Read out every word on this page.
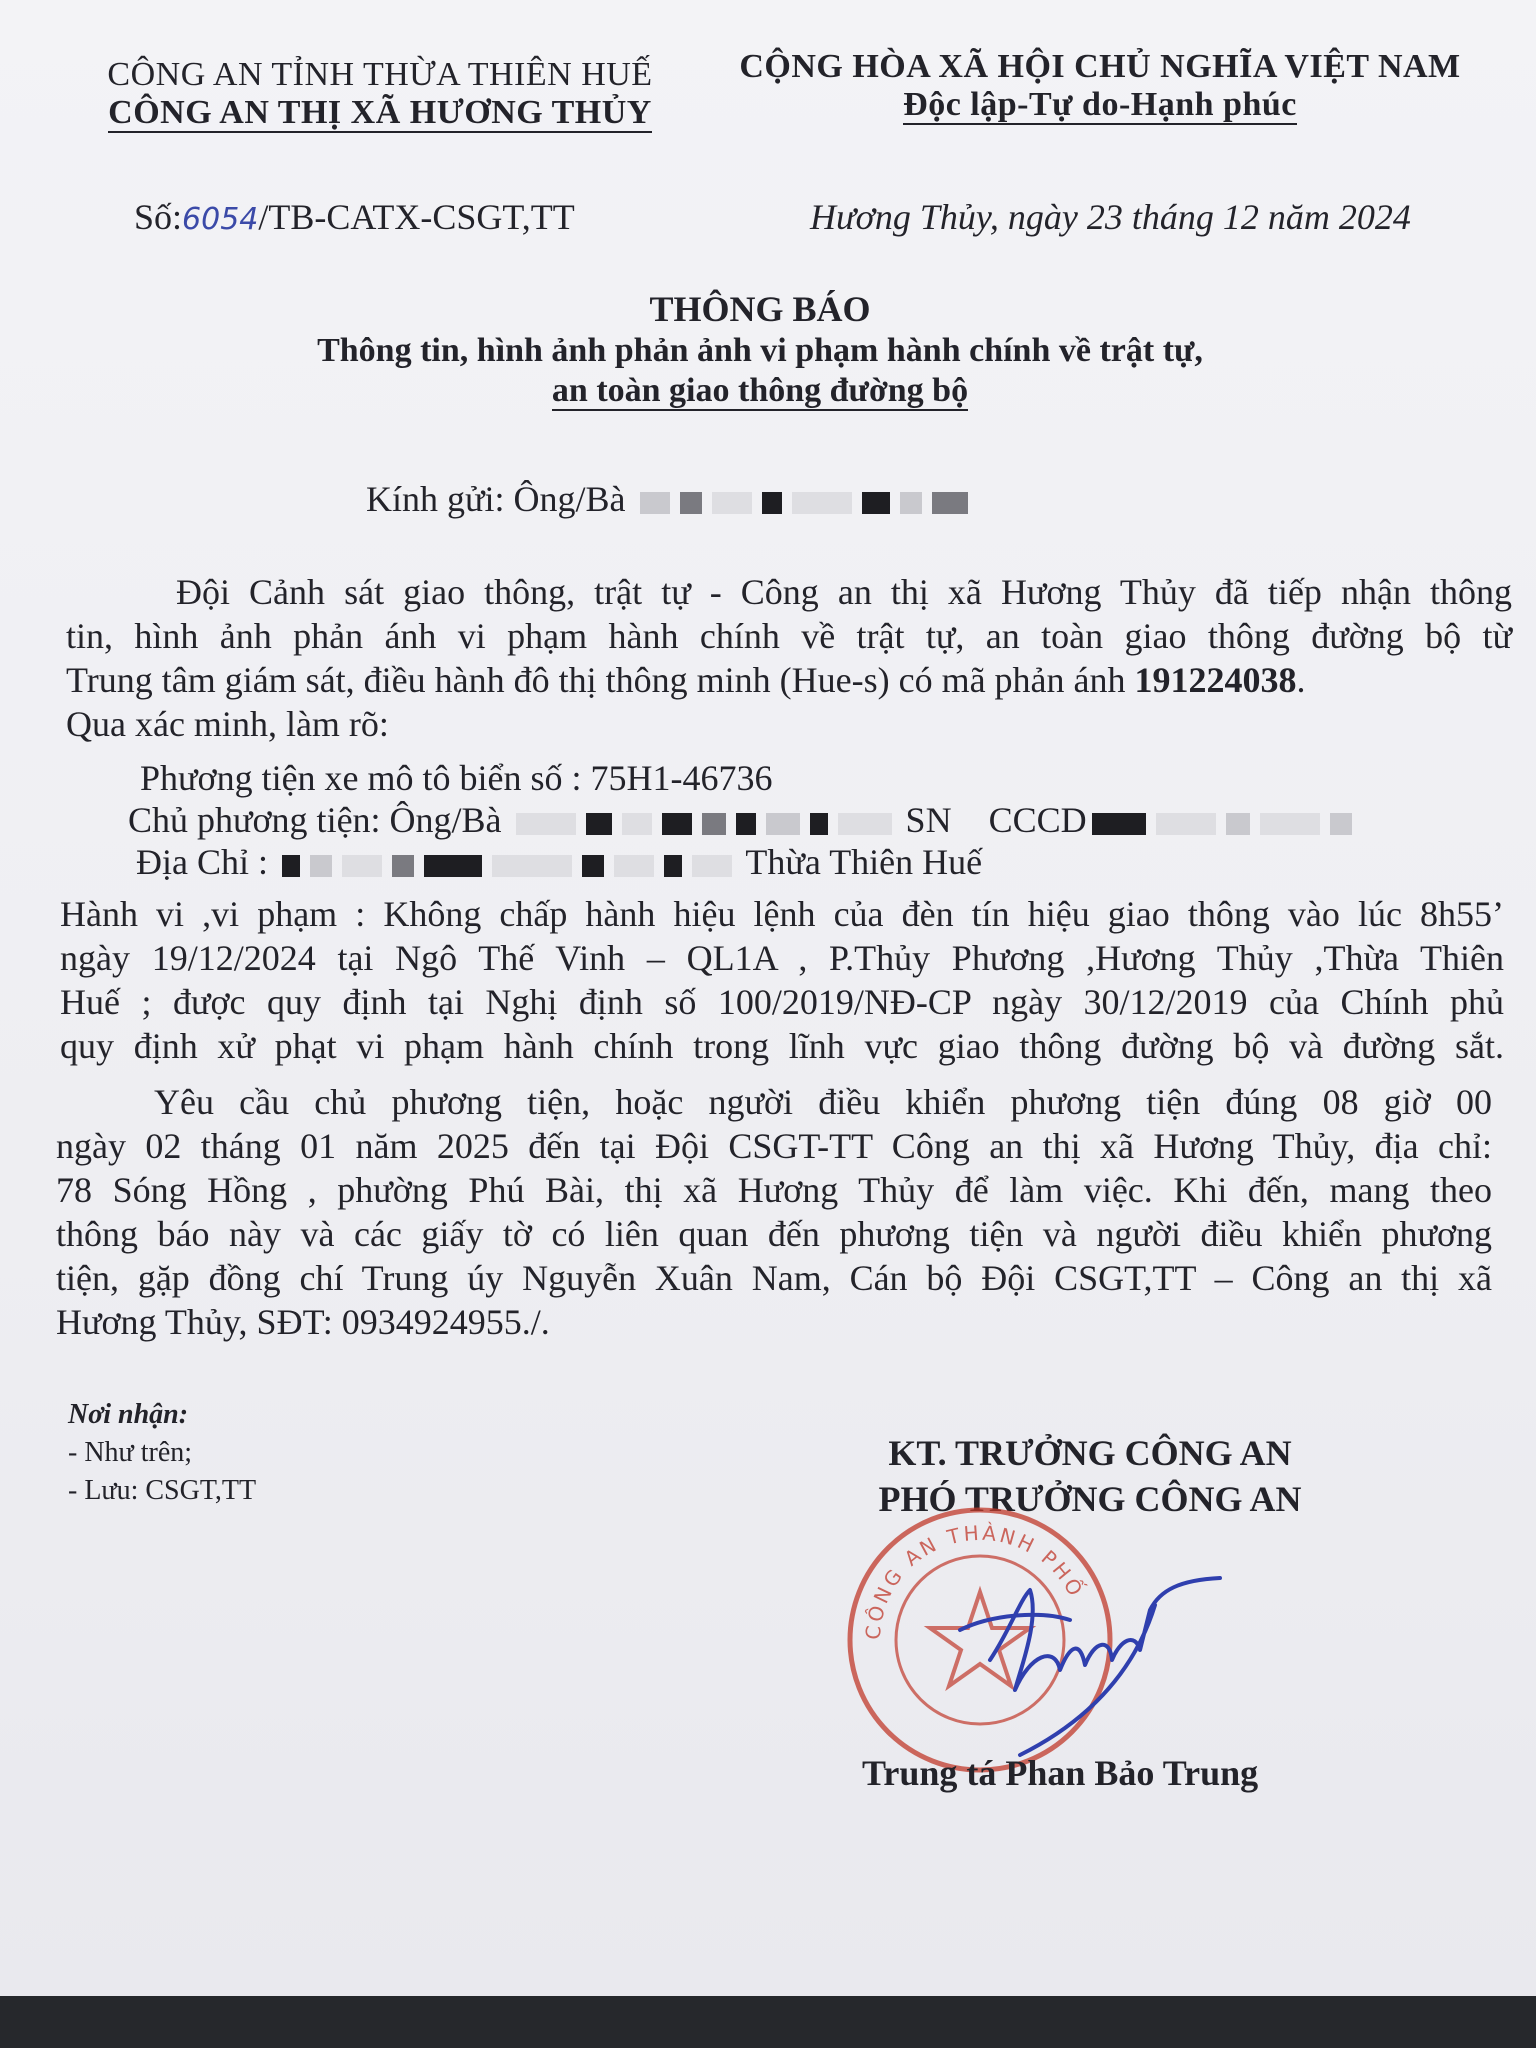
CÔNG AN TỈNH THỪA THIÊN HUẾ
CÔNG AN THỊ XÃ HƯƠNG THỦY
CỘNG HÒA XÃ HỘI CHỦ NGHĨA VIỆT NAM
Độc lập-Tự do-Hạnh phúc
Số:6054/TB-CATX-CSGT,TT	Hương Thủy, ngày 23 tháng 12 năm 2024
THÔNG BÁO
Thông tin, hình ảnh phản ảnh vi phạm hành chính về trật tự,
an toàn giao thông đường bộ
Kính gửi: Ông/Bà
Đội Cảnh sát giao thông, trật tự - Công an thị xã Hương Thủy đã tiếp nhận thông
tin, hình ảnh phản ánh vi phạm hành chính về trật tự, an toàn giao thông đường bộ từ
Trung tâm giám sát, điều hành đô thị thông minh (Hue-s) có mã phản ánh 191224038.
Qua xác minh, làm rõ:
Phương tiện xe mô tô biển số : 75H1-46736
Chủ phương tiện: Ông/Bà	SN CCCD
Địa Chỉ :	Thừa Thiên Huế
Hành vi ,vi phạm : Không chấp hành hiệu lệnh của đèn tín hiệu giao thông vào lúc 8h55’
ngày 19/12/2024 tại Ngô Thế Vinh – QL1A , P.Thủy Phương ,Hương Thủy ,Thừa Thiên
Huế ; được quy định tại Nghị định số 100/2019/NĐ-CP ngày 30/12/2019 của Chính phủ
quy định xử phạt vi phạm hành chính trong lĩnh vực giao thông đường bộ và đường sắt.
Yêu cầu chủ phương tiện, hoặc người điều khiển phương tiện đúng 08 giờ 00
ngày 02 tháng 01 năm 2025 đến tại Đội CSGT-TT Công an thị xã Hương Thủy, địa chỉ:
78 Sóng Hồng , phường Phú Bài, thị xã Hương Thủy để làm việc. Khi đến, mang theo
thông báo này và các giấy tờ có liên quan đến phương tiện và người điều khiển phương
tiện, gặp đồng chí Trung úy Nguyễn Xuân Nam, Cán bộ Đội CSGT,TT – Công an thị xã
Hương Thủy, SĐT: 0934924955./.
Nơi nhận:
- Như trên;
- Lưu: CSGT,TT
KT. TRƯỞNG CÔNG AN
PHÓ TRƯỞNG CÔNG AN
CÔNG AN THÀNH PHỐ
Trung tá Phan Bảo Trung
